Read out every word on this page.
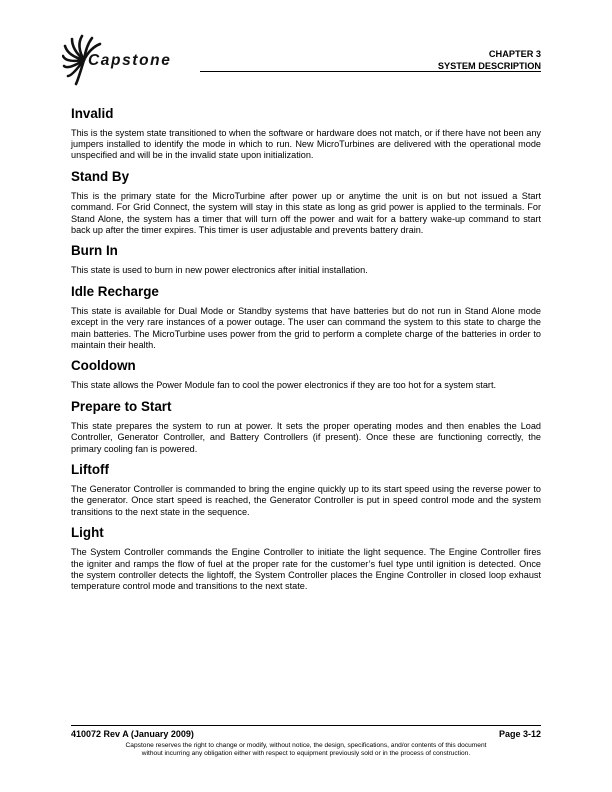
Capstone	CHAPTER 3
SYSTEM DESCRIPTION
Invalid

This is the system state transitioned to when the software or hardware does not match, or if there have not been any jumpers installed to identify the mode in which to run. New MicroTurbines are delivered with the operational mode unspecified and will be in the invalid state upon initialization.

Stand By

This is the primary state for the MicroTurbine after power up or anytime the unit is on but not issued a Start command. For Grid Connect, the system will stay in this state as long as grid power is applied to the terminals. For Stand Alone, the system has a timer that will turn off the power and wait for a battery wake-up command to start back up after the timer expires. This timer is user adjustable and prevents battery drain.

Burn In

This state is used to burn in new power electronics after initial installation.

Idle Recharge

This state is available for Dual Mode or Standby systems that have batteries but do not run in Stand Alone mode except in the very rare instances of a power outage. The user can command the system to this state to charge the main batteries. The MicroTurbine uses power from the grid to perform a complete charge of the batteries in order to maintain their health.

Cooldown

This state allows the Power Module fan to cool the power electronics if they are too hot for a system start.

Prepare to Start

This state prepares the system to run at power. It sets the proper operating modes and then enables the Load Controller, Generator Controller, and Battery Controllers (if present). Once these are functioning correctly, the primary cooling fan is powered.

Liftoff

The Generator Controller is commanded to bring the engine quickly up to its start speed using the reverse power to the generator. Once start speed is reached, the Generator Controller is put in speed control mode and the system transitions to the next state in the sequence.

Light

The System Controller commands the Engine Controller to initiate the light sequence. The Engine Controller fires the igniter and ramps the flow of fuel at the proper rate for the customer’s fuel type until ignition is detected. Once the system controller detects the lightoff, the System Controller places the Engine Controller in closed loop exhaust temperature control mode and transitions to the next state.

410072 Rev A (January 2009)	Page 3-12
Capstone reserves the right to change or modify, without notice, the design, specifications, and/or contents of this document
without incurring any obligation either with respect to equipment previously sold or in the process of construction.
